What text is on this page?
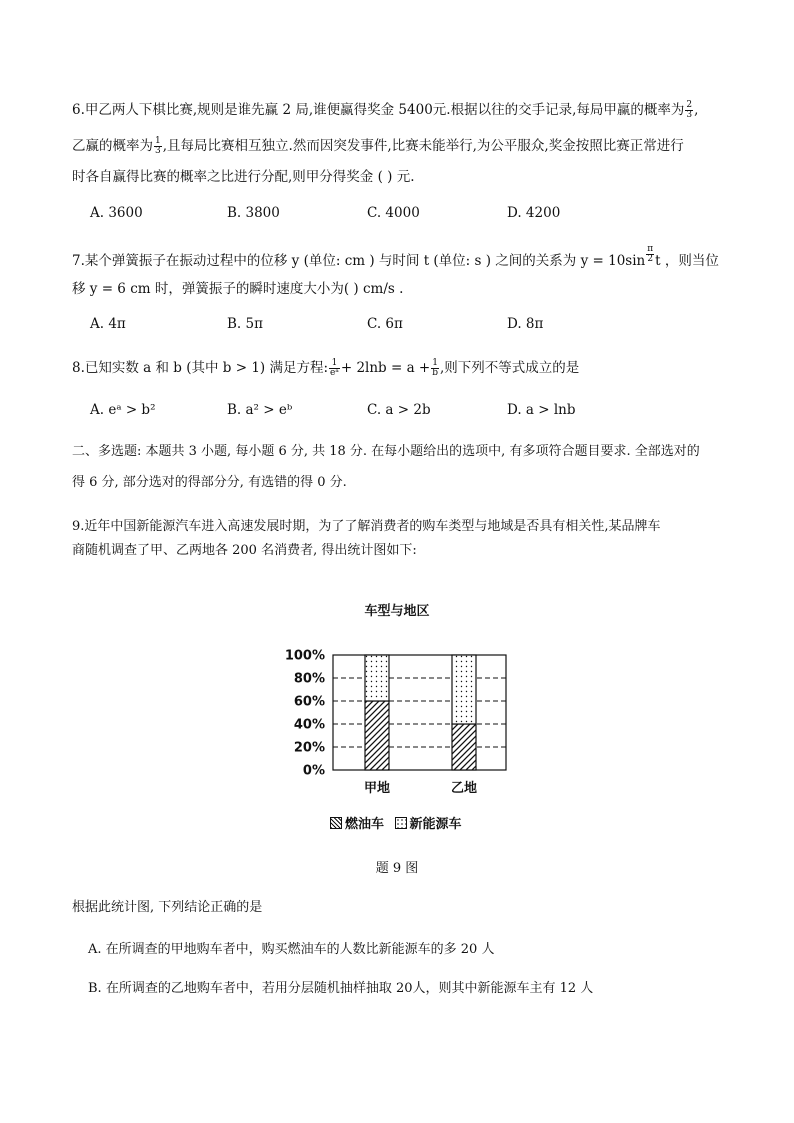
6.甲乙两人下棋比赛,规则是谁先赢 2 局,谁便赢得奖金 5400元.根据以往的交手记录,每局甲赢的概率为 $\frac{2}{3}$ ,
乙赢的概率为 $\frac{1}{3}$ ,且每局比赛相互独立.然而因突发事件,比赛未能举行,为公平服众,奖金按照比赛正常进行
时各自赢得比赛的概率之比进行分配,则甲分得奖金 ( ) 元.
A. 3600	B. 3800	C. 4000	D. 4200
7.某个弹簧振子在振动过程中的位移 y (单位: cm ) 与时间 t (单位: s ) 之间的关系为 $y = 10\sin \frac{\pi}{2}$ t ，则当位
移 y = 6 cm 时，弹簧振子的瞬时速度大小为( ) cm/s .
A. 4π	B. 5π	C. 6π	D. 8π
8.已知实数 a 和 b (其中 b > 1) 满足方程: $\frac{1}{\text{eᵃ}} + 2\ln b = a + \frac{1}{b}$ ,则下列不等式成立的是
A. eᵃ > b²	B. a² > eᵇ	C. a > 2b	D. a > lnb
二、多选题: 本题共 3 小题, 每小题 6 分, 共 18 分. 在每小题给出的选项中, 有多项符合题目要求. 全部选对的
得 6 分, 部分选对的得部分分, 有选错的得 0 分.
9.近年中国新能源汽车进入高速发展时期，为了了解消费者的购车类型与地域是否具有相关性,某品牌车
商随机调查了甲、乙两地各 200 名消费者, 得出统计图如下:
车型与地区
0%
20%
40%
60%
80%
100%
甲地	乙地
燃油车 新能源车
题 9 图
根据此统计图, 下列结论正确的是
A. 在所调查的甲地购车者中，购买燃油车的人数比新能源车的多 20 人
B. 在所调查的乙地购车者中，若用分层随机抽样抽取 20人，则其中新能源车主有 12 人
